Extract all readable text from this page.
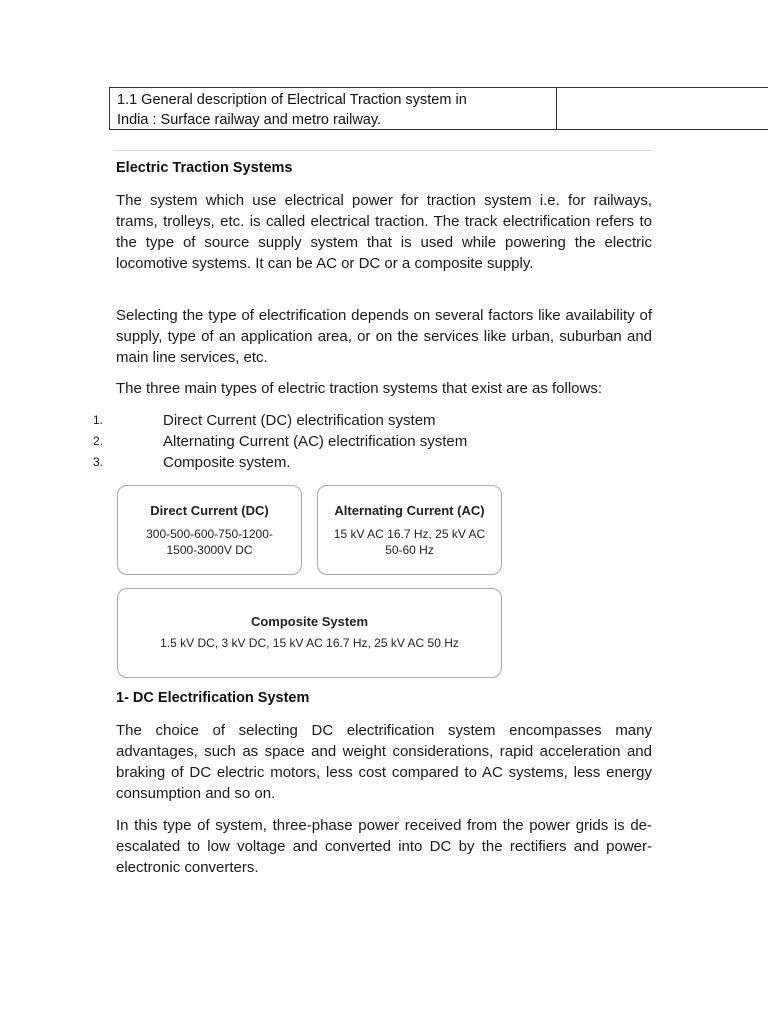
1.1 General description of Electrical Traction system in
India : Surface railway and metro railway.
Electric Traction Systems
The system which use electrical power for traction system i.e. for railways, trams, trolleys, etc. is called electrical traction. The track electrification refers to the type of source supply system that is used while powering the electric locomotive systems. It can be AC or DC or a composite supply.
Selecting the type of electrification depends on several factors like availability of supply, type of an application area, or on the services like urban, suburban and main line services, etc.
The three main types of electric traction systems that exist are as follows:
1.	Direct Current (DC) electrification system
2.	Alternating Current (AC) electrification system
3.	Composite system.
Direct Current (DC)
300-500-600-750-1200-
1500-3000V DC
Alternating Current (AC)
15 kV AC 16.7 Hz, 25 kV AC
50-60 Hz
Composite System
1.5 kV DC, 3 kV DC, 15 kV AC 16.7 Hz, 25 kV AC 50 Hz
1- DC Electrification System
The choice of selecting DC electrification system encompasses many advantages, such as space and weight considerations, rapid acceleration and braking of DC electric motors, less cost compared to AC systems, less energy consumption and so on.
In this type of system, three-phase power received from the power grids is de-escalated to low voltage and converted into DC by the rectifiers and power-electronic converters.
